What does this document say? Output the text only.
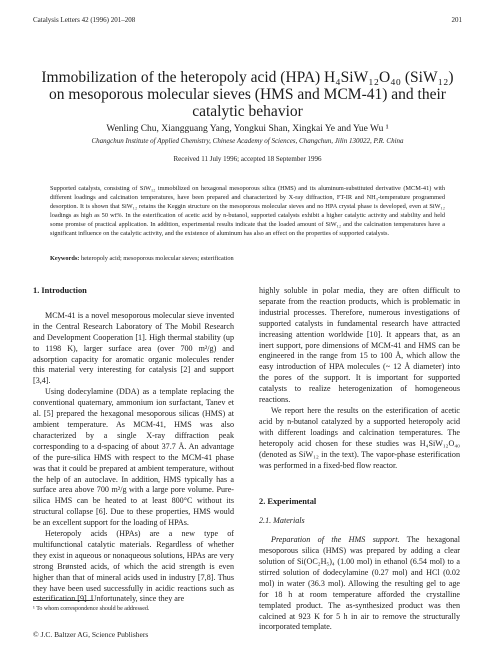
Catalysis Letters 42 (1996) 201–208	201
Immobilization of the heteropoly acid (HPA) H₄SiW₁₂O₄₀ (SiW₁₂) on mesoporous molecular sieves (HMS and MCM-41) and their catalytic behavior
Wenling Chu, Xiangguang Yang, Yongkui Shan, Xingkai Ye and Yue Wu ¹
Changchun Institute of Applied Chemistry, Chinese Academy of Sciences, Changchun, Jilin 130022, P.R. China
Received 11 July 1996; accepted 18 September 1996
Supported catalysts, consisting of SiW₁₂ immobilized on hexagonal mesoporous silica (HMS) and its aluminum-substituted derivative (MCM-41) with different loadings and calcination temperatures, have been prepared and characterized by X-ray diffraction, FT-IR and NH₃-temperature programmed desorption. It is shown that SiW₁₂ retains the Keggin structure on the mesoporous molecular sieves and no HPA crystal phase is developed, even at SiW₁₂ loadings as high as 50 wt%. In the esterification of acetic acid by n-butanol, supported catalysts exhibit a higher catalytic activity and stability and held some promise of practical application. In addition, experimental results indicate that the loaded amount of SiW₁₂ and the calcination temperatures have a significant influence on the catalytic activity, and the existence of aluminum has also an effect on the properties of supported catalysts.
Keywords: heteropoly acid; mesoporous molecular sieves; esterification

1. Introduction

MCM-41 is a novel mesoporous molecular sieve invented in the Central Research Laboratory of The Mobil Research and Development Cooperation [1]. High thermal stability (up to 1198 K), larger surface area (over 700 m²/g) and adsorption capacity for aromatic organic molecules render this material very interesting for catalysis [2] and support [3,4].

Using dodecylamine (DDA) as a template replacing the conventional quaternary, ammonium ion surfactant, Tanev et al. [5] prepared the hexagonal mesoporous silicas (HMS) at ambient temperature. As MCM-41, HMS was also characterized by a single X-ray diffraction peak corresponding to a d-spacing of about 37.7 Å. An advantage of the pure-silica HMS with respect to the MCM-41 phase was that it could be prepared at ambient temperature, without the help of an autoclave. In addition, HMS typically has a surface area above 700 m²/g with a large pore volume. Pure-silica HMS can be heated to at least 800°C without its structural collapse [6]. Due to these properties, HMS would be an excellent support for the loading of HPAs.

Heteropoly acids (HPAs) are a new type of multifunctional catalytic materials. Regardless of whether they exist in aqueous or nonaqueous solutions, HPAs are very strong Brønsted acids, of which the acid strength is even higher than that of mineral acids used in industry [7,8]. Thus they have been used successfully in acidic reactions such as esterification [9]. Unfortunately, since they are

highly soluble in polar media, they are often difficult to separate from the reaction products, which is problematic in industrial processes. Therefore, numerous investigations of supported catalysts in fundamental research have attracted increasing attention worldwide [10]. It appears that, as an inert support, pore dimensions of MCM-41 and HMS can be engineered in the range from 15 to 100 Å, which allow the easy introduction of HPA molecules (~ 12 Å diameter) into the pores of the support. It is important for supported catalysts to realize heterogenization of homogeneous reactions.

We report here the results on the esterification of acetic acid by n-butanol catalyzed by a supported heteropoly acid with different loadings and calcination temperatures. The heteropoly acid chosen for these studies was H₄SiW₁₂O₄₀ (denoted as SiW₁₂ in the text). The vapor-phase esterification was performed in a fixed-bed flow reactor.

2. Experimental

2.1. Materials

Preparation of the HMS support. The hexagonal mesoporous silica (HMS) was prepared by adding a clear solution of Si(OC₂H₅)₄ (1.00 mol) in ethanol (6.54 mol) to a stirred solution of dodecylamine (0.27 mol) and HCl (0.02 mol) in water (36.3 mol). Allowing the resulting gel to age for 18 h at room temperature afforded the crystalline templated product. The as-synthesized product was then calcined at 923 K for 5 h in air to remove the structurally incorporated template.

¹ To whom correspondence should be addressed.
© J.C. Baltzer AG, Science Publishers
